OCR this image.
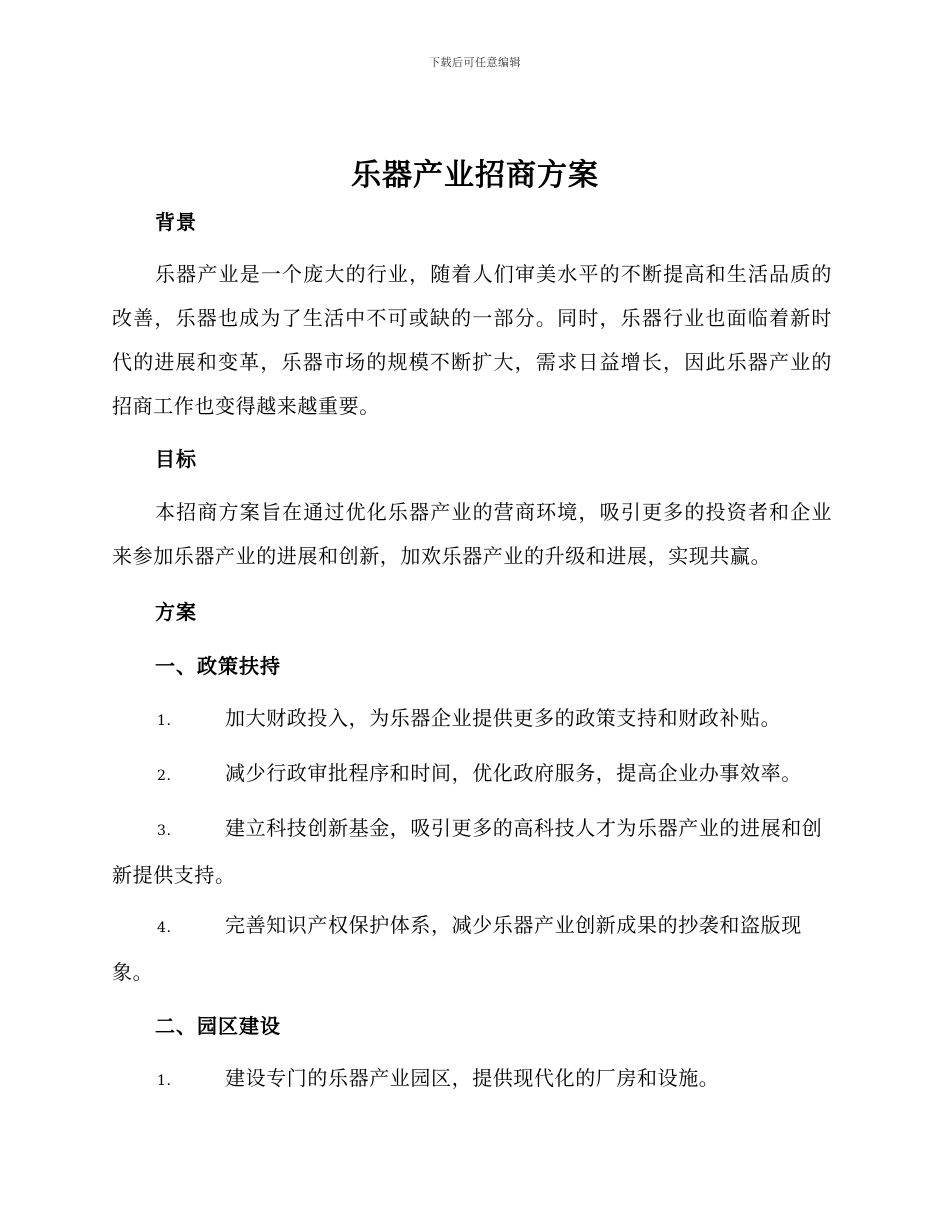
下载后可任意编辑
乐器产业招商方案
背景
乐器产业是一个庞大的行业，随着人们审美水平的不断提高和生活品质的改善，乐器也成为了生活中不可或缺的一部分。同时，乐器行业也面临着新时代的进展和变革，乐器市场的规模不断扩大，需求日益增长，因此乐器产业的招商工作也变得越来越重要。
目标
本招商方案旨在通过优化乐器产业的营商环境，吸引更多的投资者和企业来参加乐器产业的进展和创新，加欢乐器产业的升级和进展，实现共赢。
方案
一、政策扶持
1.	加大财政投入，为乐器企业提供更多的政策支持和财政补贴。
2.	减少行政审批程序和时间，优化政府服务，提高企业办事效率。
3.	建立科技创新基金，吸引更多的高科技人才为乐器产业的进展和创新提供支持。
4.	完善知识产权保护体系，减少乐器产业创新成果的抄袭和盗版现象。
二、园区建设
1.	建设专门的乐器产业园区，提供现代化的厂房和设施。
